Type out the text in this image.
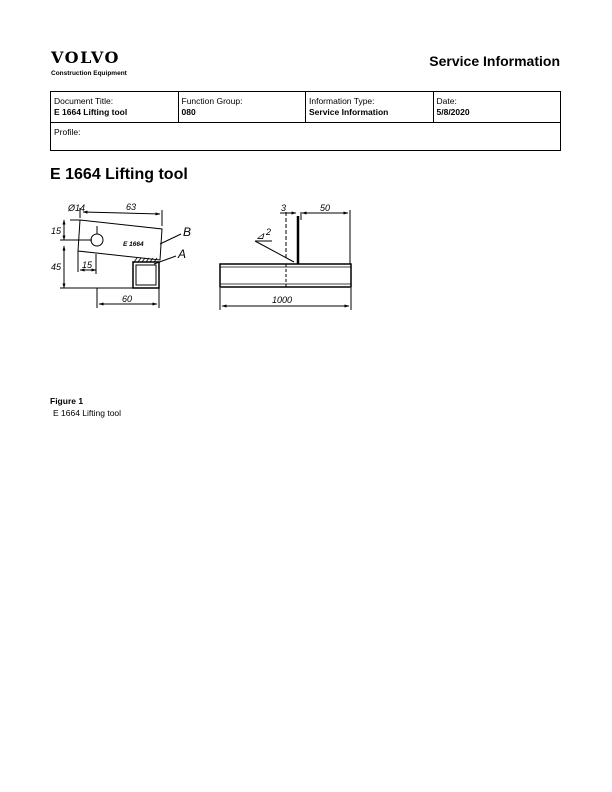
VOLVO
Construction Equipment
Service Information
Document Title:
E 1664 Lifting tool
Function Group:
080
Information Type:
Service Information
Date:
5/8/2020
Profile:
E 1664 Lifting tool
Ø14	63
15
45 15
60
E 1664
B
A
3	50
⊿ 2
1000
Figure 1
E 1664 Lifting tool
